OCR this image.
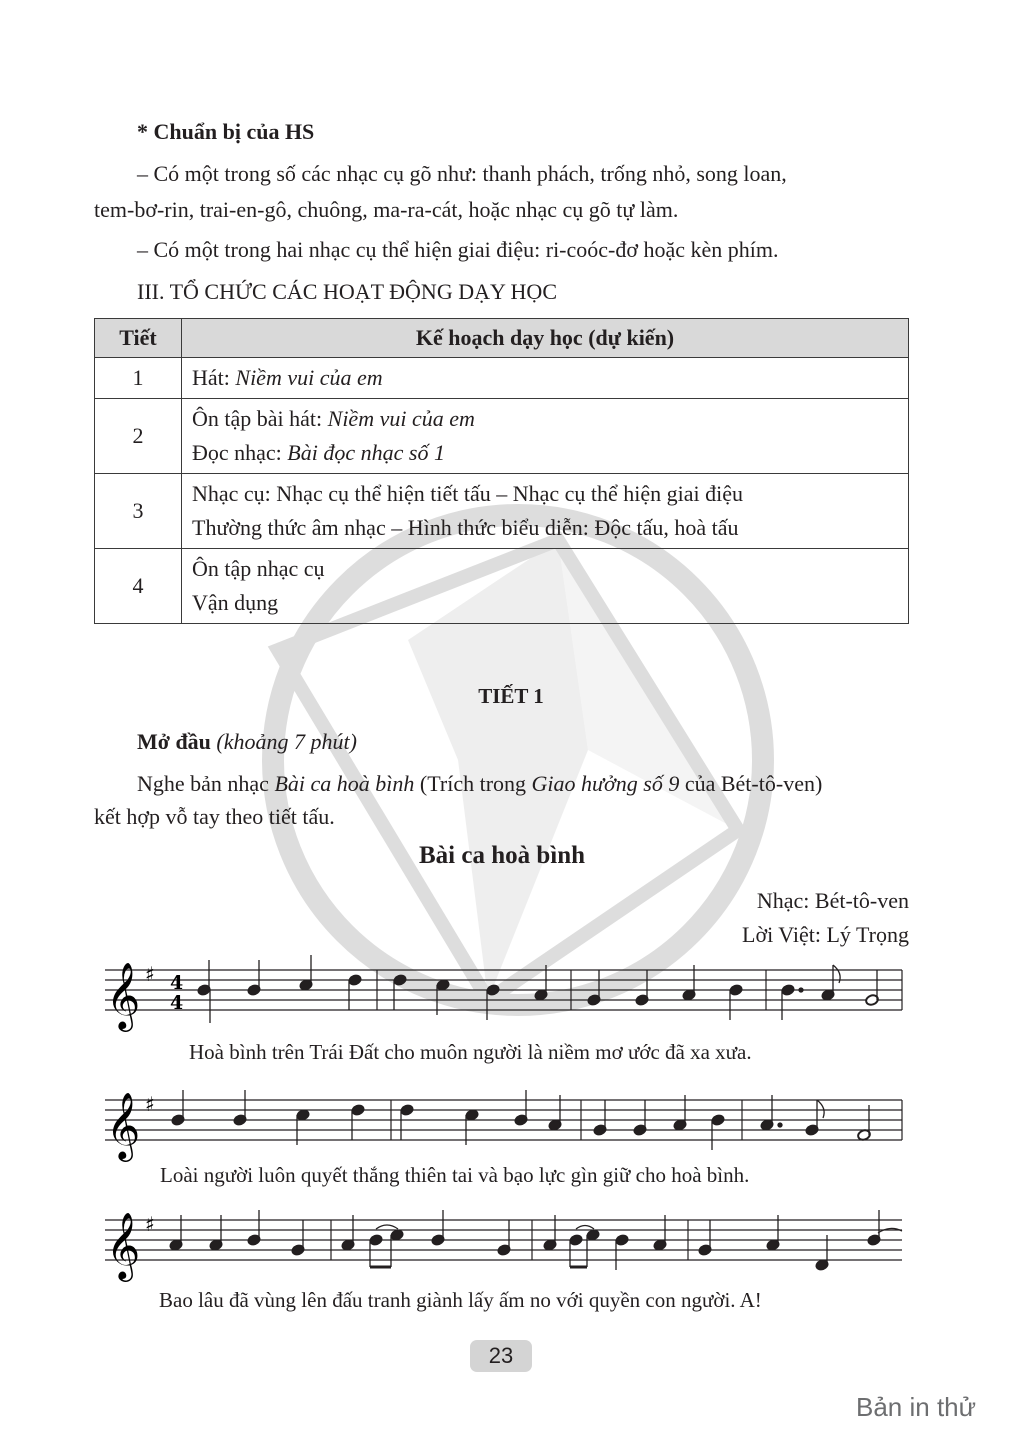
* Chuẩn bị của HS
– Có một trong số các nhạc cụ gõ như: thanh phách, trống nhỏ, song loan,
tem-bơ-rin, trai-en-gô, chuông, ma-ra-cát, hoặc nhạc cụ gõ tự làm.
– Có một trong hai nhạc cụ thể hiện giai điệu: ri-coóc-đơ hoặc kèn phím.
III. TỔ CHỨC CÁC HOẠT ĐỘNG DẠY HỌC
Tiết	Kế hoạch dạy học (dự kiến)
1	Hát: Niềm vui của em
2	Ôn tập bài hát: Niềm vui của em
Đọc nhạc: Bài đọc nhạc số 1

3	Nhạc cụ: Nhạc cụ thể hiện tiết tấu – Nhạc cụ thể hiện giai điệu
Thường thức âm nhạc – Hình thức biểu diễn: Độc tấu, hoà tấu

4	Ôn tập nhạc cụ
Vận dụng
TIẾT 1
Mở đầu (khoảng 7 phút)
Nghe bản nhạc Bài ca hoà bình (Trích trong Giao hưởng số 9 của Bét-tô-ven)
kết hợp vỗ tay theo tiết tấu.
Bài ca hoà bình
Nhạc: Bét-tô-ven
Lời Việt: Lý Trọng
𝄞 ♯ 4
4
Hoà bình trên Trái Đất cho muôn người là niềm mơ ước đã xa xưa.
𝄞 ♯
Loài người luôn quyết thắng thiên tai và bạo lực gìn giữ cho hoà bình.
𝄞 ♯
Bao lâu đã vùng lên đấu tranh giành lấy ấm no với quyền con người. A!
23
Bản in thử
